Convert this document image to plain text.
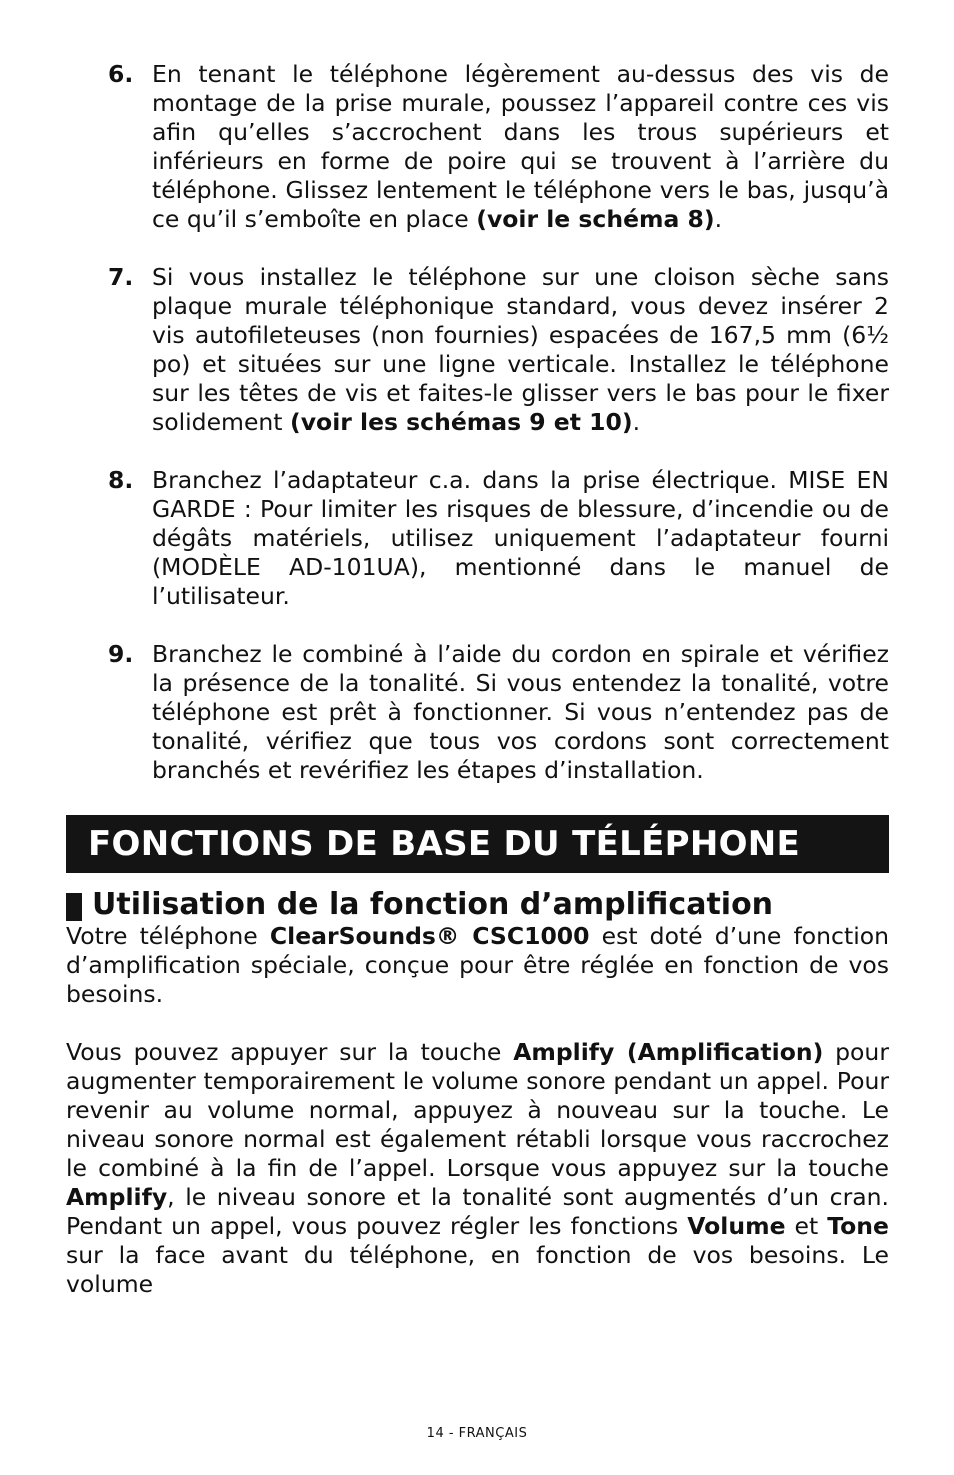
6. En tenant le téléphone légèrement au-dessus des vis de montage de la prise murale, poussez l’appareil contre ces vis afin qu’elles s’accrochent dans les trous supérieurs et inférieurs en forme de poire qui se trouvent à l’arrière du téléphone. Glissez lentement le téléphone vers le bas, jusqu’à ce qu’il s’emboîte en place (voir le schéma 8).
7. Si vous installez le téléphone sur une cloison sèche sans plaque murale téléphonique standard, vous devez insérer 2 vis autofileteuses (non fournies) espacées de 167,5 mm (6½ po) et situées sur une ligne verticale. Installez le téléphone sur les têtes de vis et faites-le glisser vers le bas pour le fixer solidement (voir les schémas 9 et 10).
8. Branchez l’adaptateur c.a. dans la prise électrique. MISE EN GARDE : Pour limiter les risques de blessure, d’incendie ou de dégâts matériels, utilisez uniquement l’adaptateur fourni (MODÈLE AD-101UA), mentionné dans le manuel de l’utilisateur.
9. Branchez le combiné à l’aide du cordon en spirale et vérifiez la présence de la tonalité. Si vous entendez la tonalité, votre téléphone est prêt à fonctionner. Si vous n’entendez pas de tonalité, vérifiez que tous vos cordons sont correctement branchés et revérifiez les étapes d’installation.
FONCTIONS DE BASE DU TÉLÉPHONE
Utilisation de la fonction d’amplification

Votre téléphone ClearSounds® CSC1000 est doté d’une fonction d’amplification spéciale, conçue pour être réglée en fonction de vos besoins.

Vous pouvez appuyer sur la touche Amplify (Amplification) pour augmenter temporairement le volume sonore pendant un appel. Pour revenir au volume normal, appuyez à nouveau sur la touche. Le niveau sonore normal est également rétabli lorsque vous raccrochez le combiné à la fin de l’appel. Lorsque vous appuyez sur la touche Amplify, le niveau sonore et la tonalité sont augmentés d’un cran. Pendant un appel, vous pouvez régler les fonctions Volume et Tone sur la face avant du téléphone, en fonction de vos besoins. Le volume

14 - FRANÇAIS
